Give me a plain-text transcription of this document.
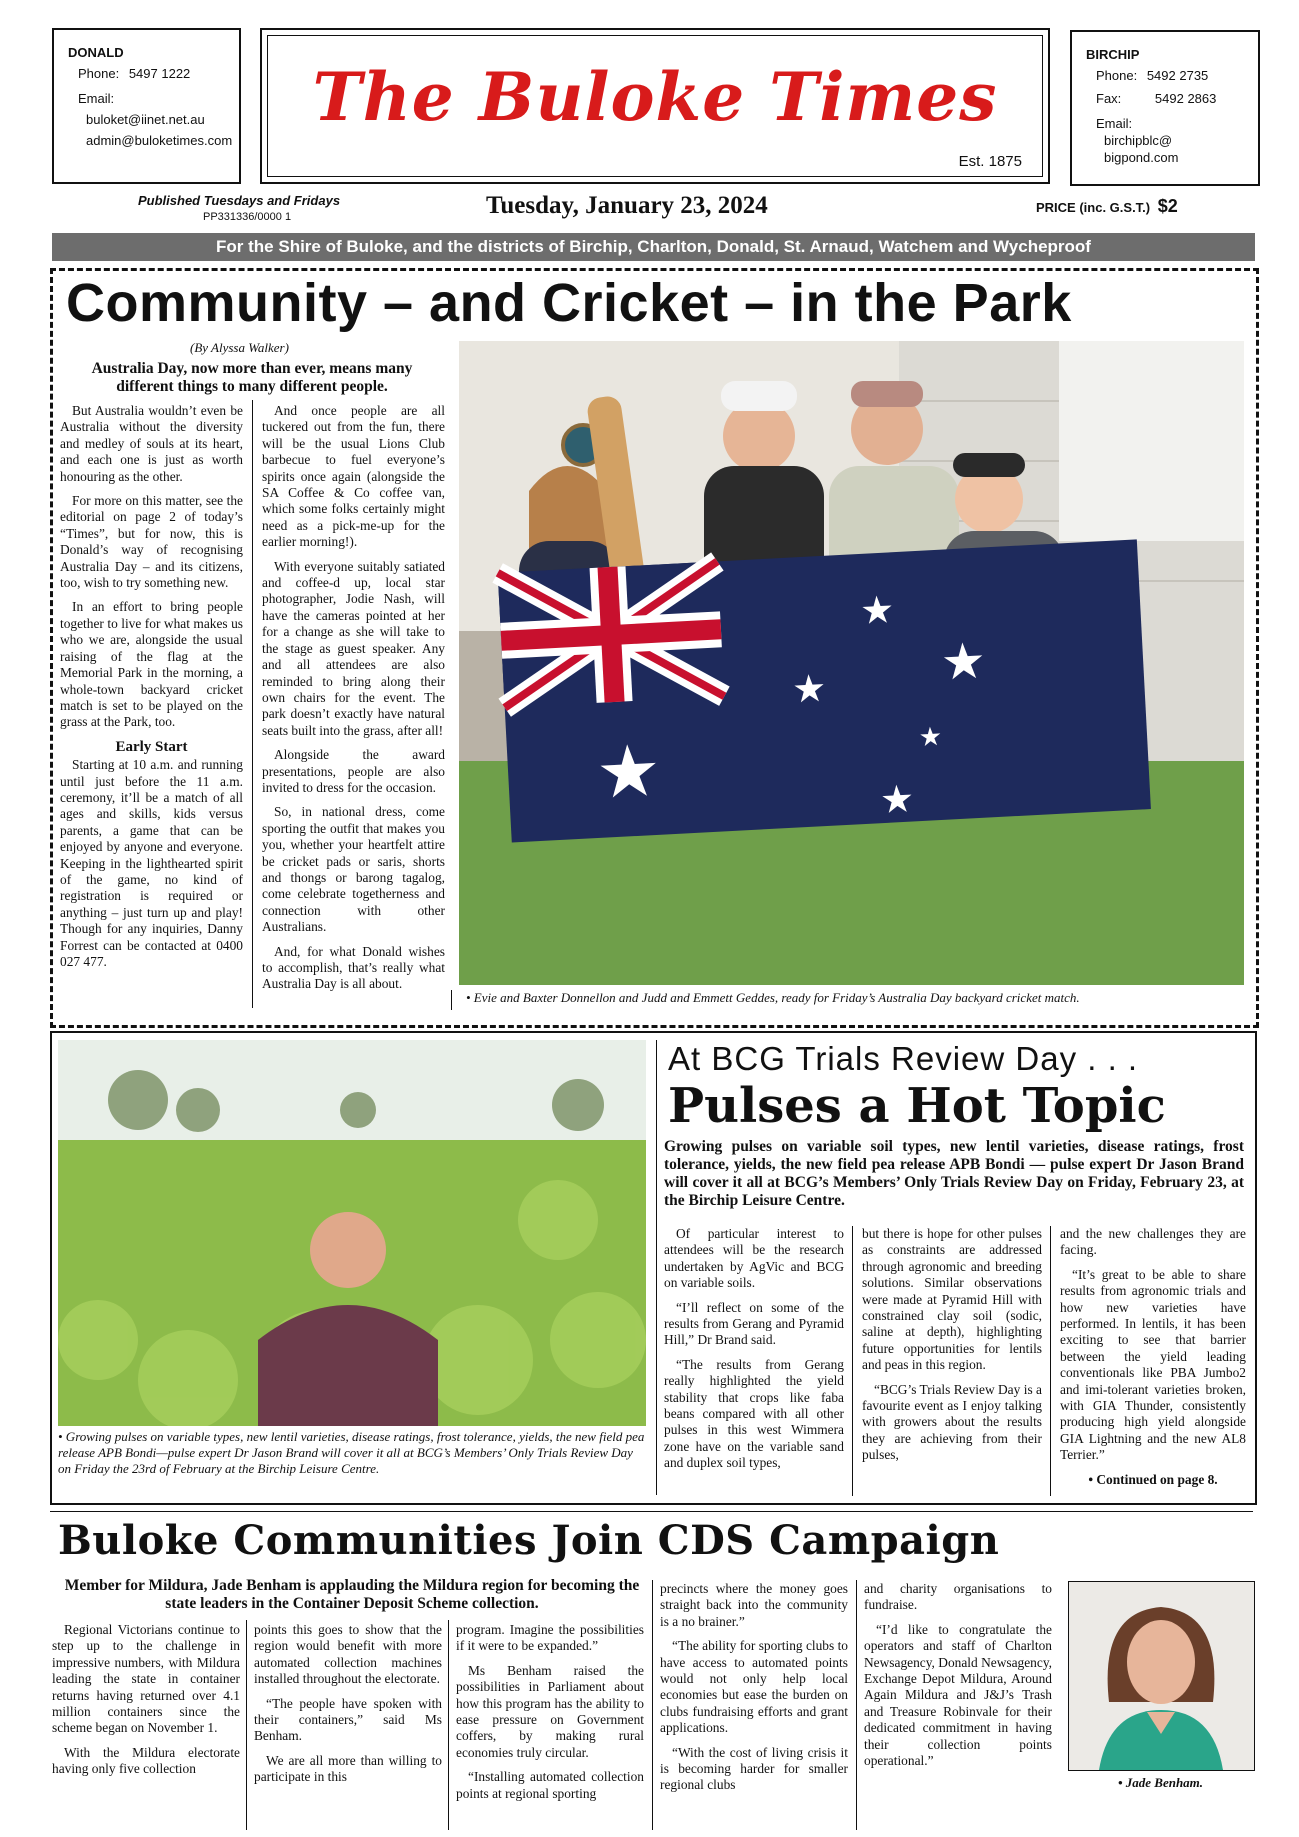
DONALD
Phone: 5497 1222
Email:
buloket@iinet.net.au
admin@buloketimes.com
The Buloke Times
Est. 1875
BIRCHIP
Phone: 5492 2735
Fax:	5492 2863
Email:
birchipblc@
bigpond.com
Published Tuesdays and Fridays
PP331336/0000 1	Tuesday, January 23, 2024	PRICE (inc. G.S.T.) $2
For the Shire of Buloke, and the districts of Birchip, Charlton, Donald, St. Arnaud, Watchem and Wycheproof
Community – and Cricket – in the Park
(By Alyssa Walker)
Australia Day, now more than ever, means many different things to many different people.

But Australia wouldn’t even be Australia without the diversity and medley of souls at its heart, and each one is just as worth honouring as the other.

For more on this matter, see the editorial on page 2 of today’s “Times”, but for now, this is Donald’s way of recognising Australia Day – and its citizens, too, wish to try something new.

In an effort to bring people together to live for what makes us who we are, alongside the usual raising of the flag at the Memorial Park in the morning, a whole-town backyard cricket match is set to be played on the grass at the Park, too.

Early Start

Starting at 10 a.m. and running until just before the 11 a.m. ceremony, it’ll be a match of all ages and skills, kids versus parents, a game that can be enjoyed by anyone and everyone. Keeping in the lighthearted spirit of the game, no kind of registration is required or anything – just turn up and play! Though for any inquiries, Danny Forrest can be contacted at 0400 027 477.

And once people are all tuckered out from the fun, there will be the usual Lions Club barbecue to fuel everyone’s spirits once again (alongside the SA Coffee & Co coffee van, which some folks certainly might need as a pick-me-up for the earlier morning!).

With everyone suitably satiated and coffee-d up, local star photographer, Jodie Nash, will have the cameras pointed at her for a change as she will take to the stage as guest speaker. Any and all attendees are also reminded to bring along their own chairs for the event. The park doesn’t exactly have natural seats built into the grass, after all!

Alongside the award presentations, people are also invited to dress for the occasion.

So, in national dress, come sporting the outfit that makes you you, whether your heartfelt attire be cricket pads or saris, shorts and thongs or barong tagalog, come celebrate togetherness and connection with other Australians.

And, for what Donald wishes to accomplish, that’s really what Australia Day is all about.

★
★
★ ★
★
★
• Evie and Baxter Donnellon and Judd and Emmett Geddes, ready for Friday’s Australia Day backyard cricket match.
• Growing pulses on variable types, new lentil varieties, disease ratings, frost tolerance, yields, the new field pea release APB Bondi—pulse expert Dr Jason Brand will cover it all at BCG’s Members’ Only Trials Review Day on Friday the 23rd of February at the Birchip Leisure Centre.
At BCG Trials Review Day . . .
Pulses a Hot Topic
Growing pulses on variable soil types, new lentil varieties, disease ratings, frost tolerance, yields, the new field pea release APB Bondi — pulse expert Dr Jason Brand will cover it all at BCG’s Members’ Only Trials Review Day on Friday, February 23, at the Birchip Leisure Centre.

Of particular interest to attendees will be the research undertaken by AgVic and BCG on variable soils.

“I’ll reflect on some of the results from Gerang and Pyramid Hill,” Dr Brand said.

“The results from Gerang really highlighted the yield stability that crops like faba beans compared with all other pulses in this west Wimmera zone have on the variable sand and duplex soil types,

but there is hope for other pulses as constraints are addressed through agronomic and breeding solutions. Similar observations were made at Pyramid Hill with constrained clay soil (sodic, saline at depth), highlighting future opportunities for lentils and peas in this region.

“BCG’s Trials Review Day is a favourite event as I enjoy talking with growers about the results they are achieving from their pulses,

and the new challenges they are facing.

“It’s great to be able to share results from agronomic trials and how new varieties have performed. In lentils, it has been exciting to see that barrier between the yield leading conventionals like PBA Jumbo2 and imi-tolerant varieties broken, with GIA Thunder, consistently producing high yield alongside GIA Lightning and the new AL8 Terrier.”

• Continued on page 8.
Buloke Communities Join CDS Campaign
Member for Mildura, Jade Benham is applauding the Mildura region for becoming the state leaders in the Container Deposit Scheme collection.

Regional Victorians continue to step up to the challenge in impressive numbers, with Mildura leading the state in container returns having returned over 4.1 million containers since the scheme began on November 1.

With the Mildura electorate having only five collection

points this goes to show that the region would benefit with more automated collection machines installed throughout the electorate.

“The people have spoken with their containers,” said Ms Benham.

We are all more than willing to participate in this

program. Imagine the possibilities if it were to be expanded.”

Ms Benham raised the possibilities in Parliament about how this program has the ability to ease pressure on Government coffers, by making rural economies truly circular.

“Installing automated collection points at regional sporting

precincts where the money goes straight back into the community is a no brainer.”

“The ability for sporting clubs to have access to automated points would not only help local economies but ease the burden on clubs fundraising efforts and grant applications.

“With the cost of living crisis it is becoming harder for smaller regional clubs

and charity organisations to fundraise.

“I’d like to congratulate the operators and staff of Charlton Newsagency, Donald Newsagency, Exchange Depot Mildura, Around Again Mildura and J&J’s Trash and Treasure Robinvale for their dedicated commitment in having their collection points operational.”

• Jade Benham.
